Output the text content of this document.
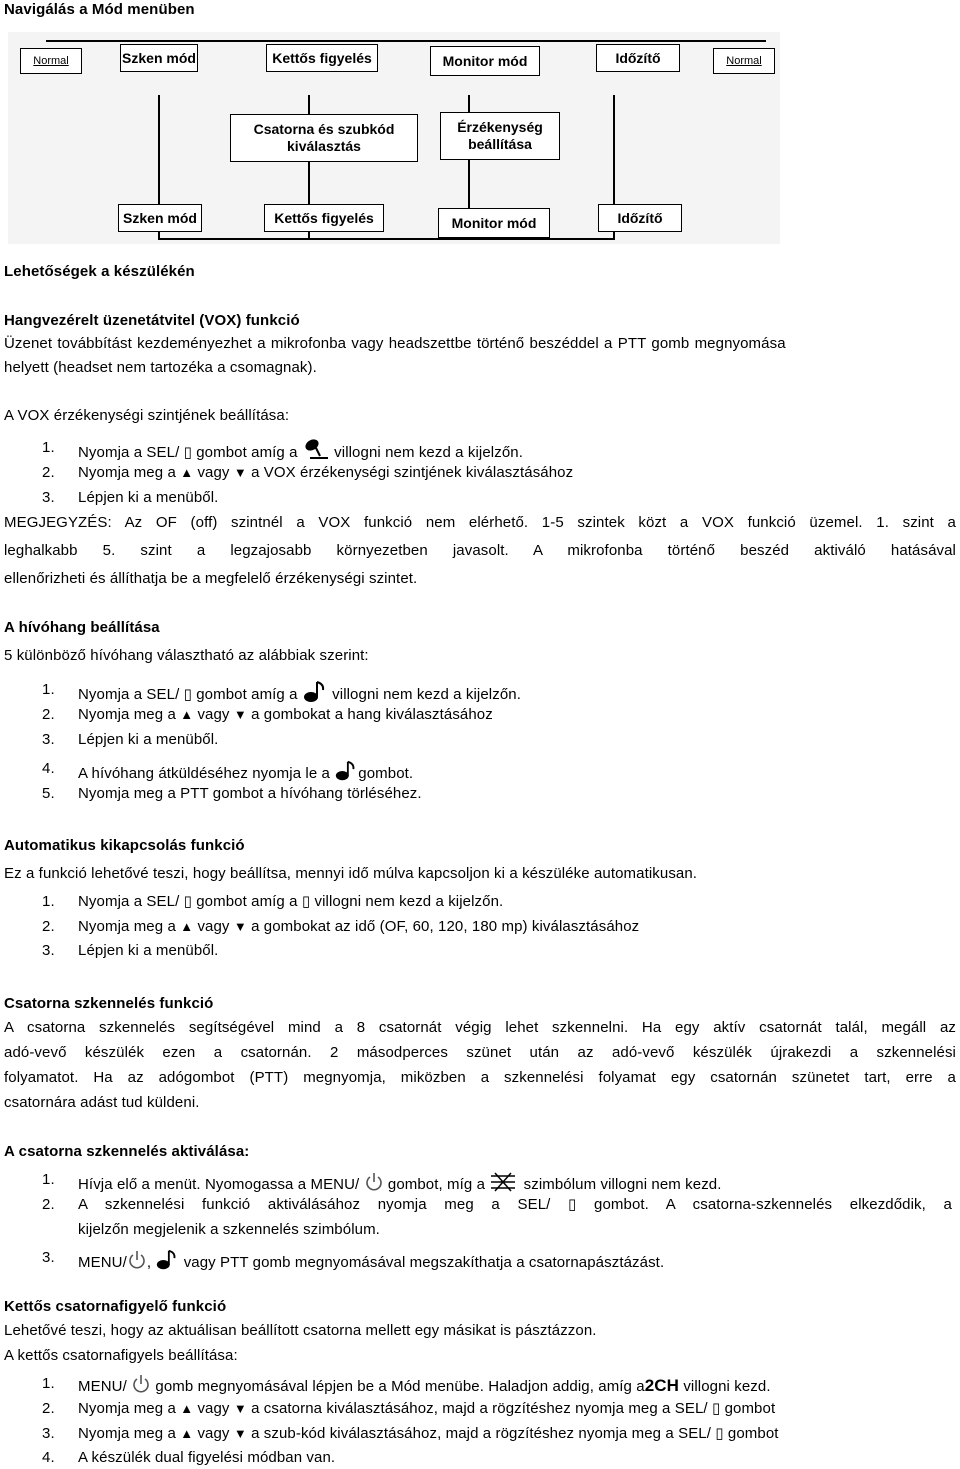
Navigálás a Mód menüben
Normal	Szken mód	Kettős figyelés	Monitor mód	Időzítő	Normal
Csatorna és szubkód kiválasztás
Érzékenység beállítása
Szken mód	Kettős figyelés	Monitor mód	Időzítő
Lehetőségek a készülékén
Hangvezérelt üzenetátvitel (VOX) funkció
Üzenet továbbítást kezdeményezhet a mikrofonba vagy headszettbe történő beszéddel a PTT gomb megnyomása
helyett (headset nem tartozéka a csomagnak).
A VOX érzékenységi szintjének beállítása:
1. Nyomja a SEL/ ▯ gombot amíg a villogni nem kezd a kijelzőn.
2. Nyomja meg a ▲ vagy ▼ a VOX érzékenységi szintjének kiválasztásához
3. Lépjen ki a menüből.
MEGJEGYZÉS: Az OF (off) szintnél a VOX funkció nem elérhető. 1-5 szintek közt a VOX funkció üzemel. 1. szint a
leghalkabb 5. szint a legzajosabb környezetben javasolt. A mikrofonba történő beszéd aktiváló hatásával
ellenőrizheti és állíthatja be a megfelelő érzékenységi szintet.
A hívóhang beállítása
5 különböző hívóhang választható az alábbiak szerint:
1. Nyomja a SEL/ ▯ gombot amíg a villogni nem kezd a kijelzőn.
2. Nyomja meg a ▲ vagy ▼ a gombokat a hang kiválasztásához
3. Lépjen ki a menüből.
4. A hívóhang átküldéséhez nyomja le a gombot.
5. Nyomja meg a PTT gombot a hívóhang törléséhez.
Automatikus kikapcsolás funkció
Ez a funkció lehetővé teszi, hogy beállítsa, mennyi idő múlva kapcsoljon ki a készüléke automatikusan.
1. Nyomja a SEL/ ▯ gombot amíg a ▯ villogni nem kezd a kijelzőn.
2. Nyomja meg a ▲ vagy ▼ a gombokat az idő (OF, 60, 120, 180 mp) kiválasztásához
3. Lépjen ki a menüből.
Csatorna szkennelés funkció
A csatorna szkennelés segítségével mind a 8 csatornát végig lehet szkennelni. Ha egy aktív csatornát talál, megáll az
adó-vevő készülék ezen a csatornán. 2 másodperces szünet után az adó-vevő készülék újrakezdi a szkennelési
folyamatot. Ha az adógombot (PTT) megnyomja, miközben a szkennelési folyamat egy csatornán szünetet tart, erre a
csatornára adást tud küldeni.
A csatorna szkennelés aktiválása:
1. Hívja elő a menüt. Nyomogassa a MENU/ gombot, míg a	szimbólum villogni nem kezd.
2. A szkennelési funkció aktiválásához nyomja meg a SEL/ ▯ gombot. A csatorna-szkennelés elkezdődik, a
kijelzőn megjelenik a szkennelés szimbólum.
3. MENU/ , vagy PTT gomb megnyomásával megszakíthatja a csatornapásztázást.
Kettős csatornafigyelő funkció
Lehetővé teszi, hogy az aktuálisan beállított csatorna mellett egy másikat is pásztázzon.
A kettős csatornafigyels beállítása:
1. MENU/ gomb megnyomásával lépjen be a Mód menübe. Haladjon addig, amíg a2CH villogni kezd.
2. Nyomja meg a ▲ vagy ▼ a csatorna kiválasztásához, majd a rögzítéshez nyomja meg a SEL/ ▯ gombot
3. Nyomja meg a ▲ vagy ▼ a szub-kód kiválasztásához, majd a rögzítéshez nyomja meg a SEL/ ▯ gombot
4. A készülék dual figyelési módban van.
